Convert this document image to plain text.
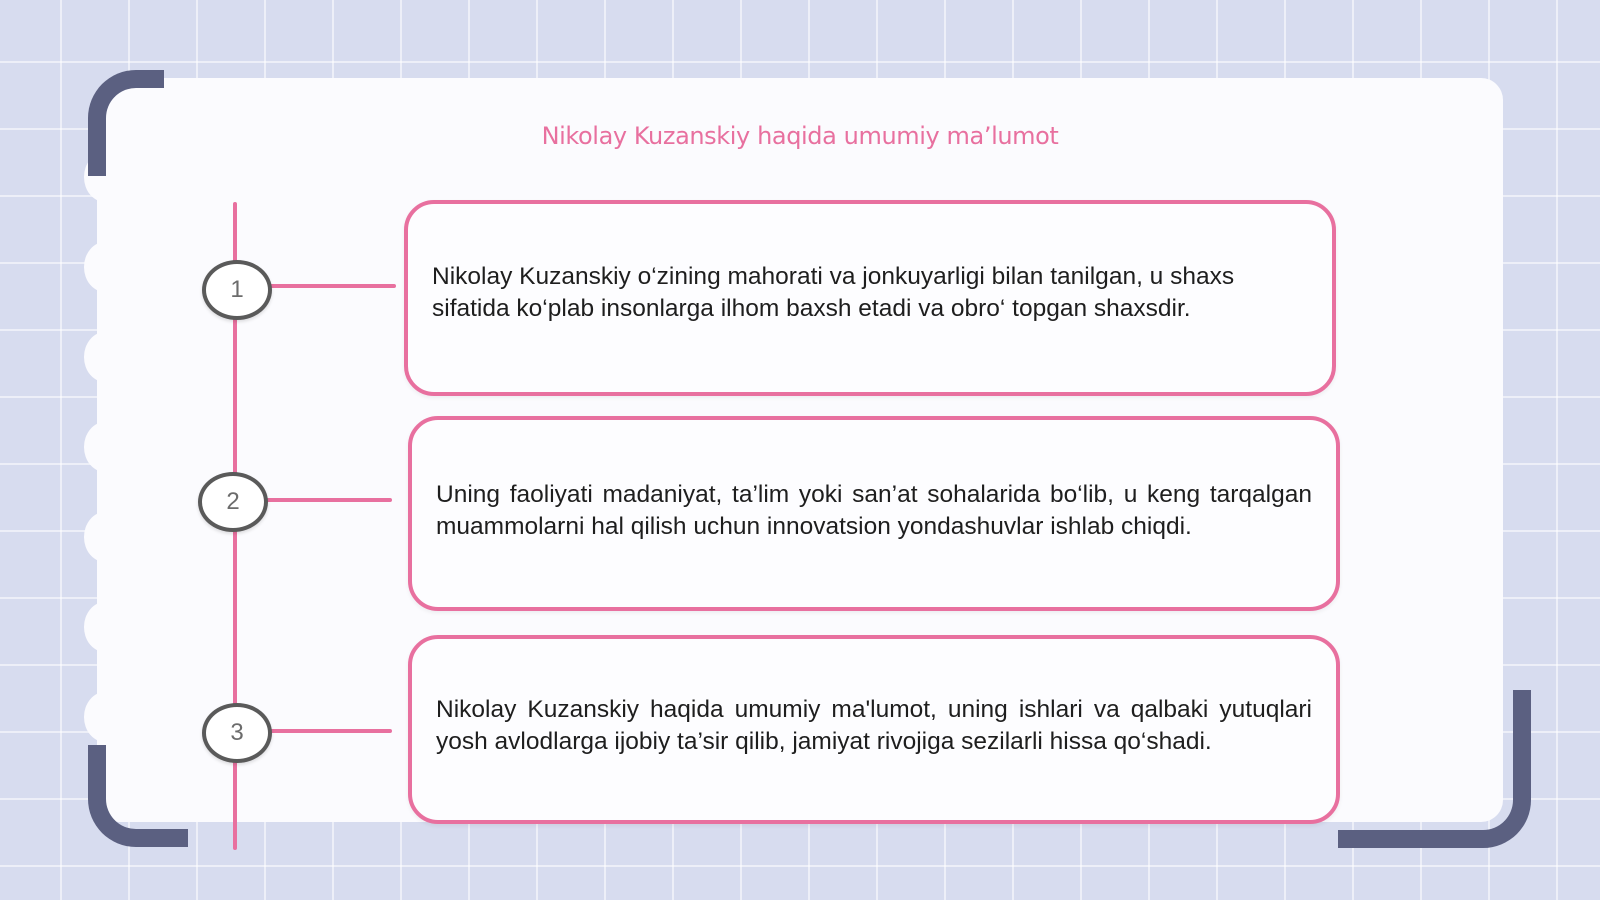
Nikolay Kuzanskiy haqida umumiy ma’lumot
1
2
3

Nikolay Kuzanskiy o‘zining mahorati va jonkuyarligi bilan tanilgan, u shaxs sifatida ko‘plab insonlarga ilhom baxsh etadi va obro‘ topgan shaxsdir.

Uning faoliyati madaniyat, ta’lim yoki san’at sohalarida bo‘lib, u keng tarqalgan muammolarni hal qilish uchun innovatsion yondashuvlar ishlab chiqdi.

Nikolay Kuzanskiy haqida umumiy ma'lumot, uning ishlari va qalbaki yutuqlari yosh avlodlarga ijobiy ta’sir qilib, jamiyat rivojiga sezilarli hissa qo‘shadi.
